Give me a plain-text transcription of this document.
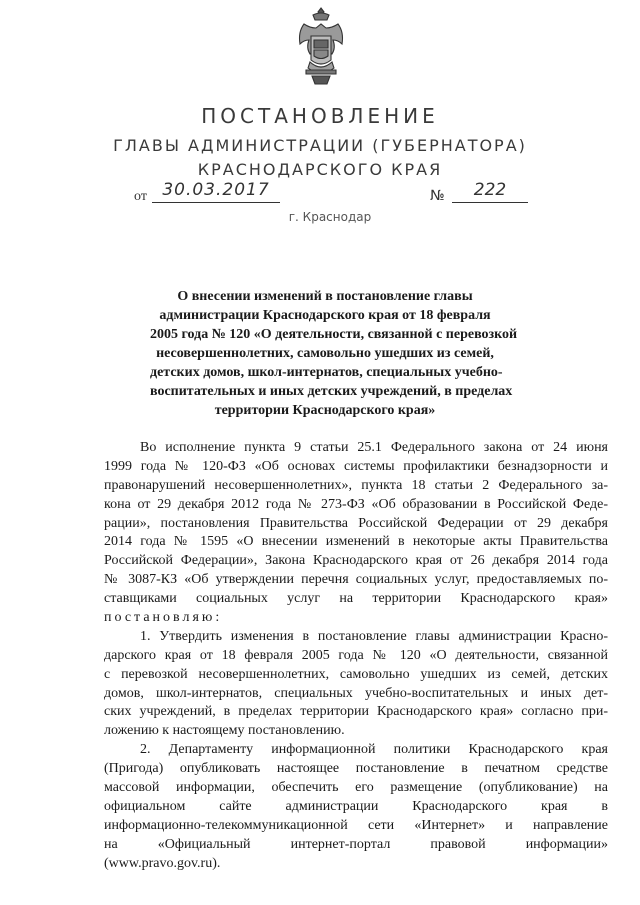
ПОСТАНОВЛЕНИЕ
ГЛАВЫ АДМИНИСТРАЦИИ (ГУБЕРНАТОРА)
КРАСНОДАРСКОГО КРАЯ
от 30.03.2017	№	222
г. Краснодар
О внесении изменений в постановление главы
администрации Краснодарского края от 18 февраля
2005 года № 120 «О деятельности, связанной с перевозкой
несовершеннолетних, самовольно ушедших из семей,
детских домов, школ-интернатов, специальных учебно-
воспитательных и иных детских учреждений, в пределах
территории Краснодарского края»
Во исполнение пункта 9 статьи 25.1 Федерального закона от 24 июня
1999 года № 120-ФЗ «Об основах системы профилактики безнадзорности и
правонарушений несовершеннолетних», пункта 18 статьи 2 Федерального за-
кона от 29 декабря 2012 года № 273-ФЗ «Об образовании в Российской Феде-
рации», постановления Правительства Российской Федерации от 29 декабря
2014 года № 1595 «О внесении изменений в некоторые акты Правительства
Российской Федерации», Закона Краснодарского края от 26 декабря 2014 года
№ 3087-КЗ «Об утверждении перечня социальных услуг, предоставляемых по-
ставщиками социальных услуг на территории Краснодарского края»
постановляю:
1. Утвердить изменения в постановление главы администрации Красно-
дарского края от 18 февраля 2005 года № 120 «О деятельности, связанной
с перевозкой несовершеннолетних, самовольно ушедших из семей, детских
домов, школ-интернатов, специальных учебно-воспитательных и иных дет-
ских учреждений, в пределах территории Краснодарского края» согласно при-
ложению к настоящему постановлению.
2. Департаменту информационной политики Краснодарского края
(Пригода) опубликовать настоящее постановление в печатном средстве
массовой информации, обеспечить его размещение (опубликование) на
официальном сайте администрации Краснодарского края в
информационно-телекоммуникационной сети «Интернет» и направление
на «Официальный интернет-портал правовой информации»
(www.pravo.gov.ru).
